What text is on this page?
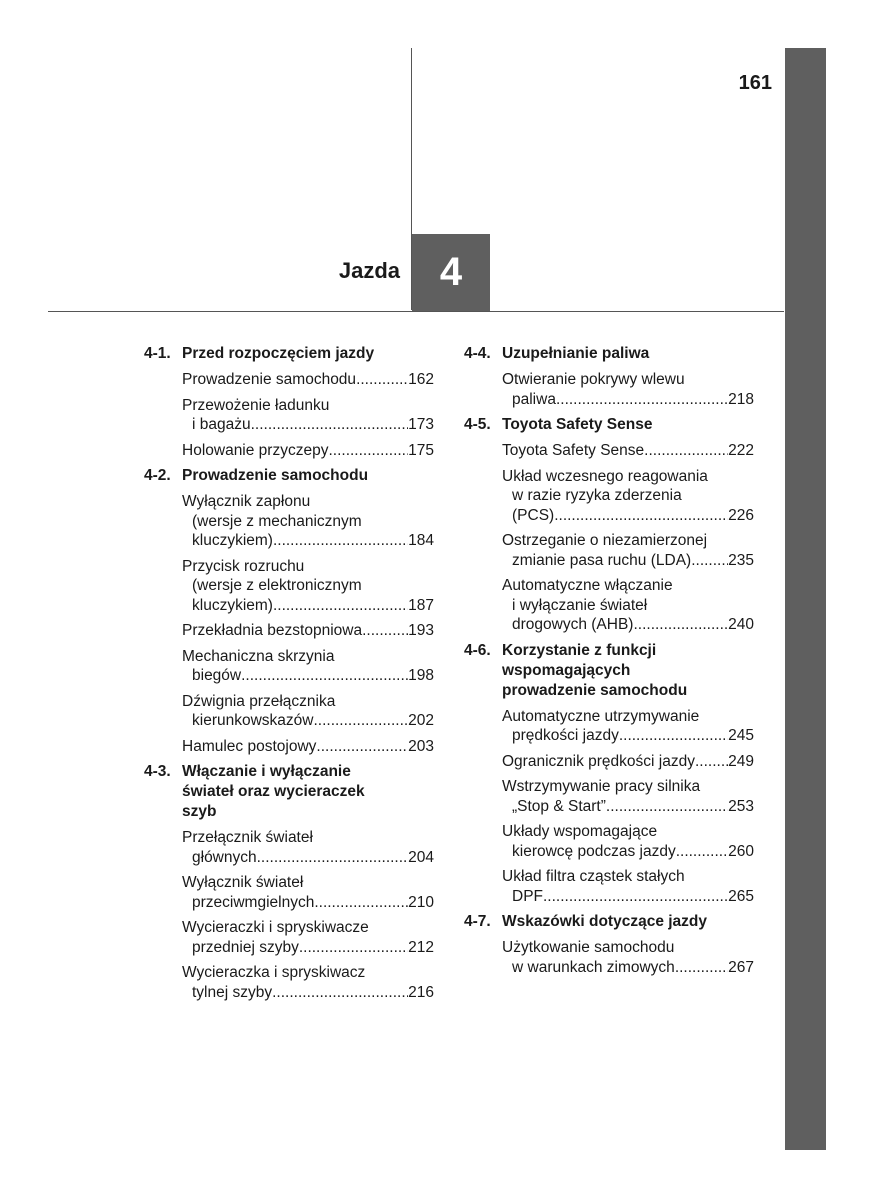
161
Jazda 4
4-1. Przed rozpoczęciem jazdy
Prowadzenie samochodu .....	162
Przewożenie ładunku
i bagażu .....	173
Holowanie przyczepy .....	175
4-2. Prowadzenie samochodu
Wyłącznik zapłonu
(wersje z mechanicznym
kluczykiem) .....	184
Przycisk rozruchu
(wersje z elektronicznym
kluczykiem) .....	187
Przekładnia bezstopniowa .....	193
Mechaniczna skrzynia
biegów .....	198
Dźwignia przełącznika
kierunkowskazów .....	202
Hamulec postojowy .....	203
4-3. Włączanie i wyłączanie
świateł oraz wycieraczek
szyb
Przełącznik świateł
głównych .....	204
Wyłącznik świateł
przeciwmgielnych .....	210
Wycieraczki i spryskiwacze
przedniej szyby .....	212
Wycieraczka i spryskiwacz
tylnej szyby .....	216
4-4. Uzupełnianie paliwa
Otwieranie pokrywy wlewu
paliwa .....	218
4-5. Toyota Safety Sense
Toyota Safety Sense .....	222
Układ wczesnego reagowania
w razie ryzyka zderzenia
(PCS) .....	226
Ostrzeganie o niezamierzonej
zmianie pasa ruchu (LDA) ..... 235
Automatyczne włączanie
i wyłączanie świateł
drogowych (AHB) .....	240
4-6. Korzystanie z funkcji
wspomagających
prowadzenie samochodu
Automatyczne utrzymywanie
prędkości jazdy .....	245
Ogranicznik prędkości jazdy ..... 249
Wstrzymywanie pracy silnika
„Stop & Start” .....	253
Układy wspomagające
kierowcę podczas jazdy .....	260
Układ filtra cząstek stałych
DPF .....	265
4-7. Wskazówki dotyczące jazdy
Użytkowanie samochodu
w warunkach zimowych .....	267
